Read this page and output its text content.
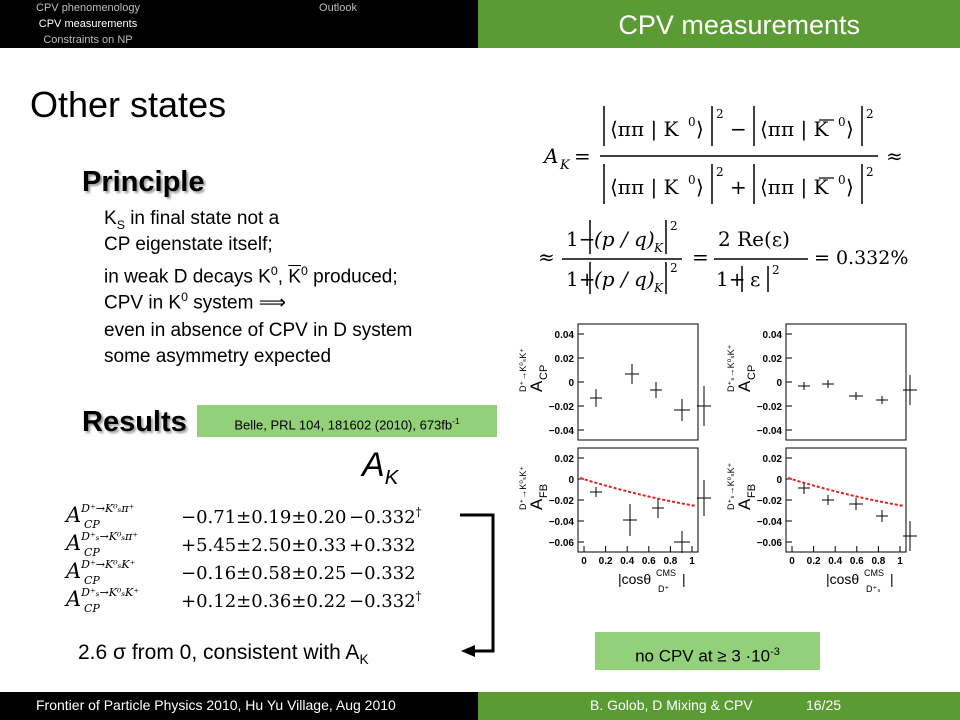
CPV phenomenology
CPV measurements
Constraints on NP
Outlook
CPV measurements
Other states
Principle
$K_S$ in final state not a
CP eigenstate itself;
in weak D decays $K^0$, $\overline{K}^0$ produced;
CPV in $K^0$ system ⟹
even in absence of CPV in D system
some asymmetry expected
Results	Belle, PRL 104, 181602 (2010), $673fb^{-1}$
$A_K$
$A^{D^+\to K^0_s\pi^+}$
CP	−0.71±0.19±0.20 −0.332†
$A^{D^+_s\to K^0_s\pi^+}$
CP	+5.45±2.50±0.33 +0.332
$A^{D^+\to K^0_sK^+}$
CP	−0.16±0.58±0.25 −0.332
$A^{D^+_s\to K^0_sK^+}$
CP	+0.12±0.36±0.22 −0.332†
2.6 σ from 0, consistent with $A_K$
A K =
⟨ππ | K 0 ⟩
2
− ⟨ππ | K 0 ⟩
2
⟨ππ | K 0 ⟩
2
+ ⟨ππ | K 0 ⟩
2
≈
≈
1−
(p / q) K
2
1+
(p / q) K
2 =
2 Re(ε)
1+ ε 2
= 0.332%
0.04
0.02
0
−0.02
−0.04
A
CP
D⁺→K⁰ₛK⁺
0.04
0.02
0
−0.02
−0.04
A
CP
D⁺ₛ→K⁰ₛK⁺
0.02
0
−0.02
−0.04
−0.06
A
FB
D⁺→K⁰ₛK⁺
0 0.2 0.4 0.6 0.8 1
|cosθ CMS
D⁺
|
0.02
0
−0.02
−0.04
−0.06
A
FB
D⁺ₛ→K⁰ₛK⁺
0 0.2 0.4 0.6 0.8 1
|cosθ CMS
D⁺ₛ
|
no CPV at ≥ $3 \cdot 10^{-3}$
Frontier of Particle Physics 2010, Hu Yu Village, Aug 2010	B. Golob, D Mixing & CPV	16/25
